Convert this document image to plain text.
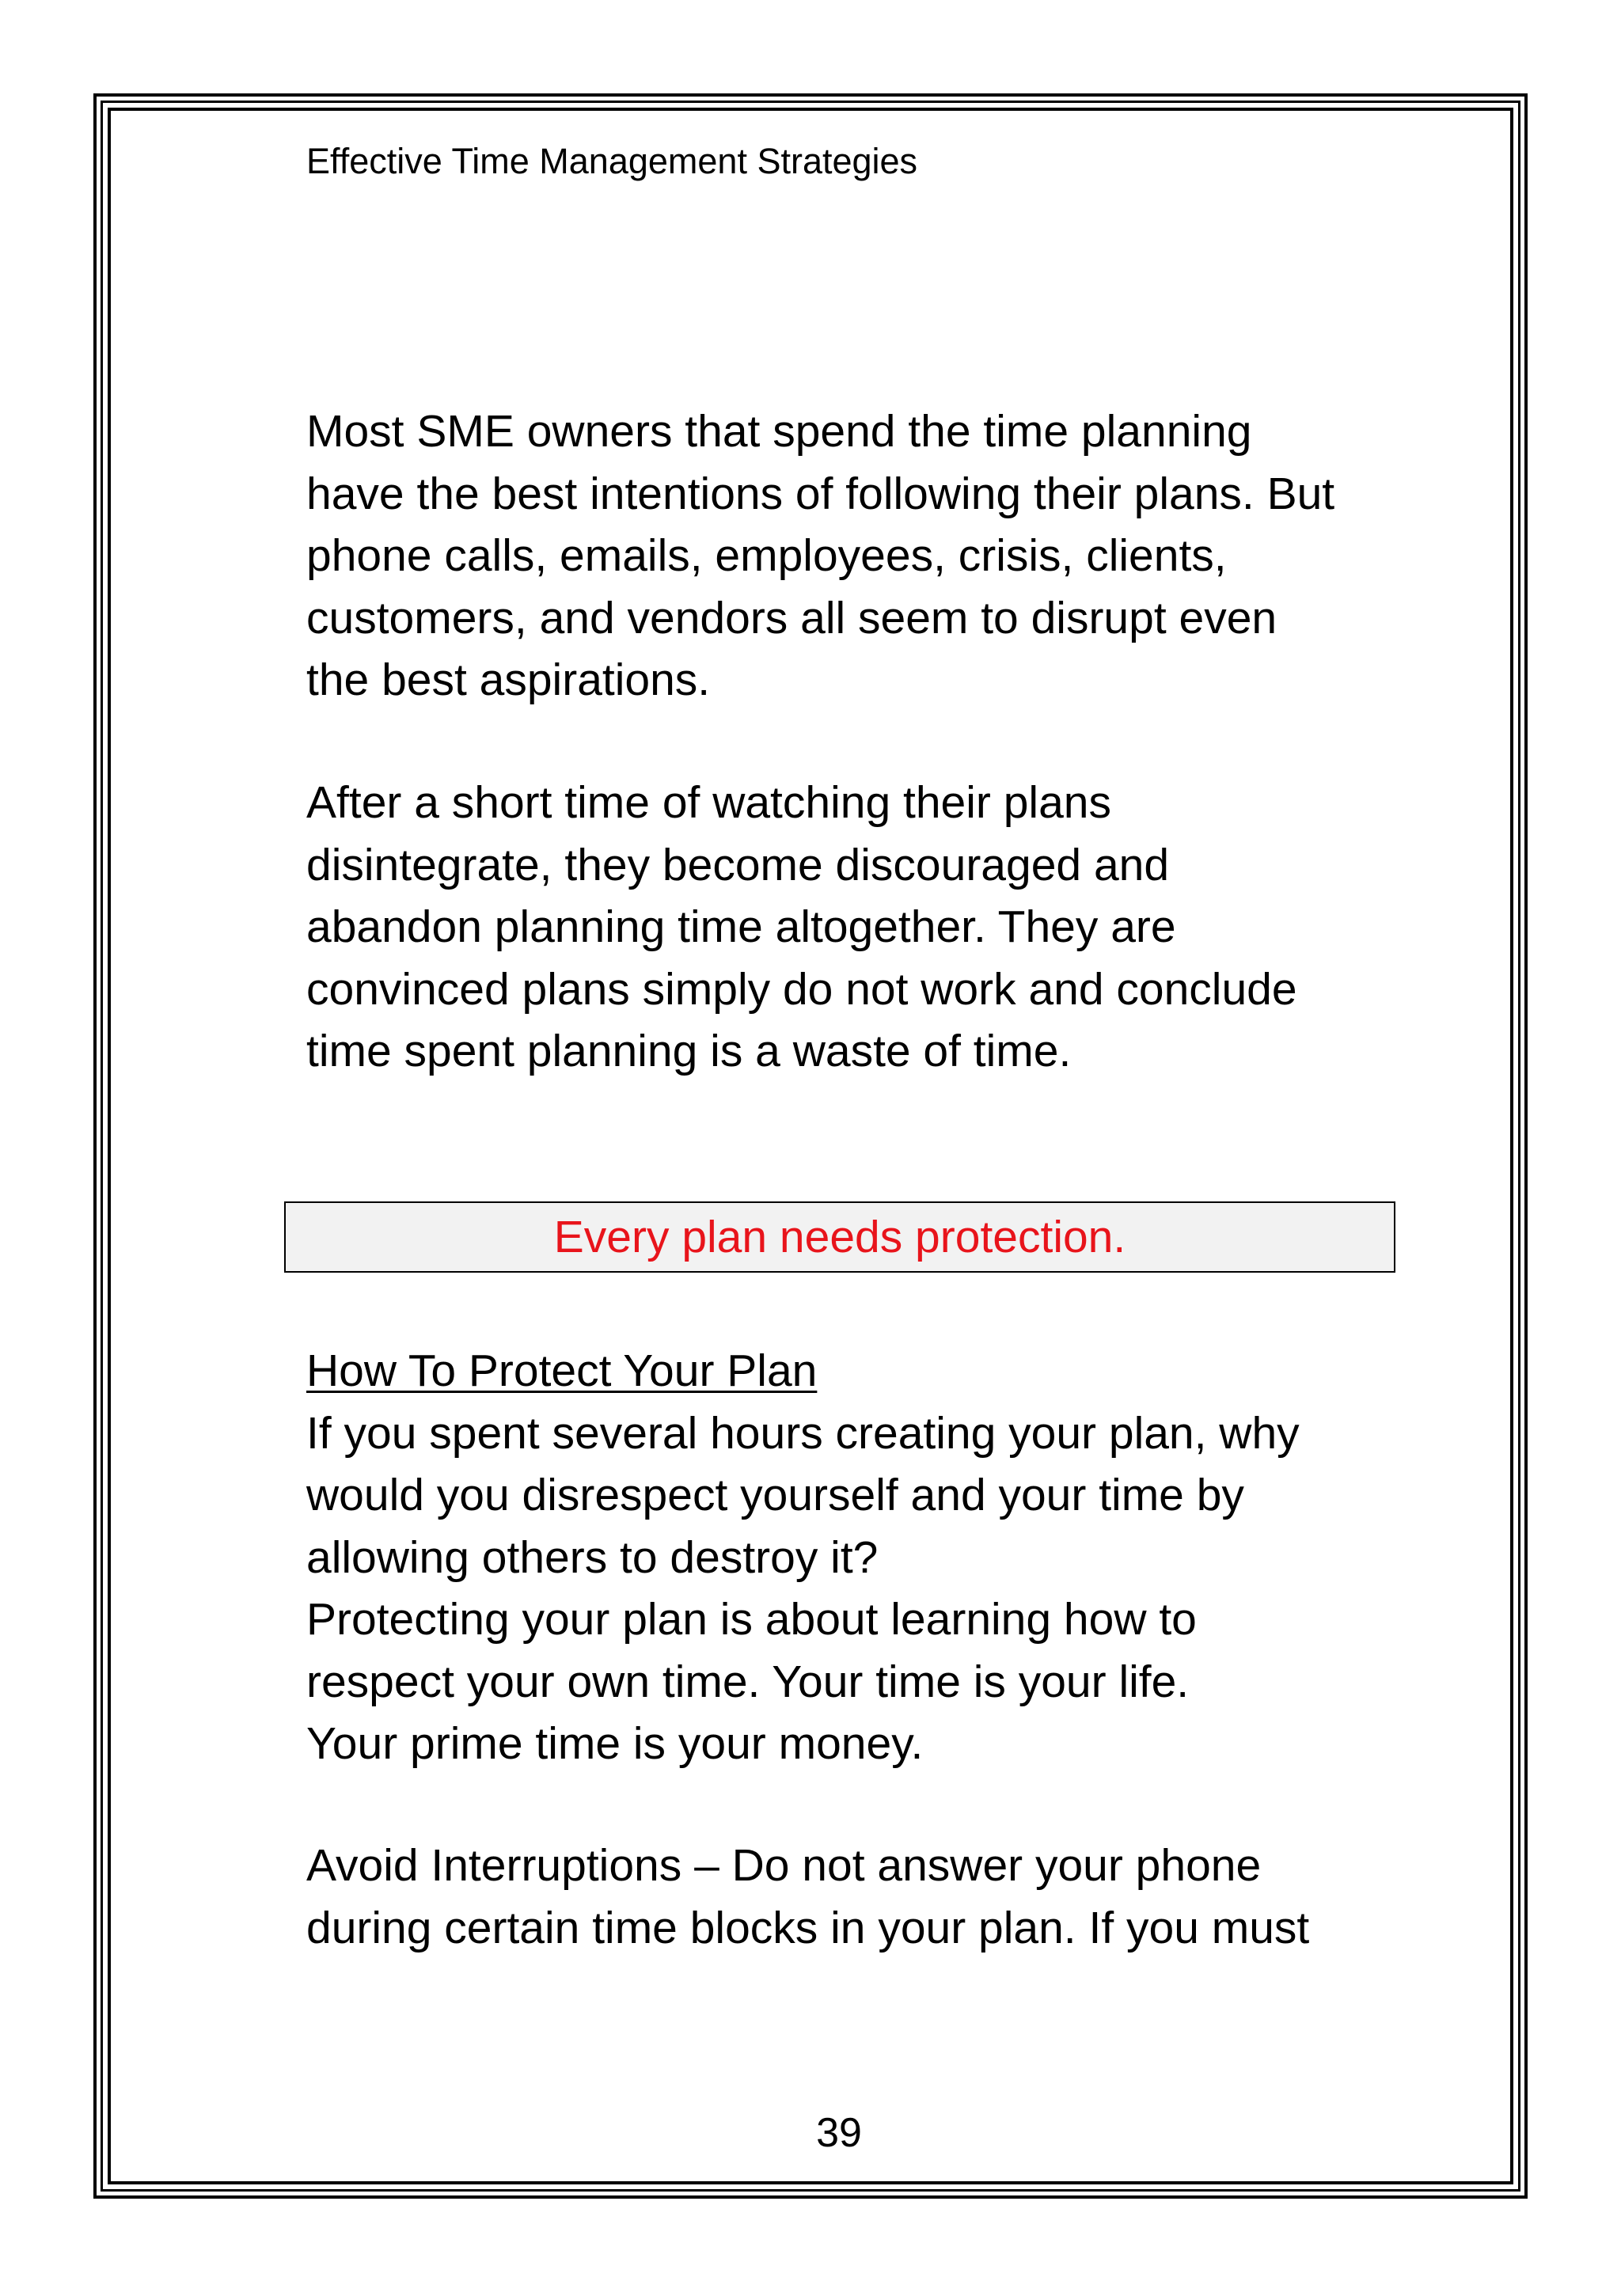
Effective Time Management Strategies

Most SME owners that spend the time planning
have the best intentions of following their plans. But
phone calls, emails, employees, crisis, clients,
customers, and vendors all seem to disrupt even
the best aspirations.

After a short time of watching their plans
disintegrate, they become discouraged and
abandon planning time altogether. They are
convinced plans simply do not work and conclude
time spent planning is a waste of time.

Every plan needs protection.

How To Protect Your Plan
If you spent several hours creating your plan, why
would you disrespect yourself and your time by
allowing others to destroy it?
Protecting your plan is about learning how to
respect your own time. Your time is your life.
Your prime time is your money.

Avoid Interruptions – Do not answer your phone
during certain time blocks in your plan. If you must

39
